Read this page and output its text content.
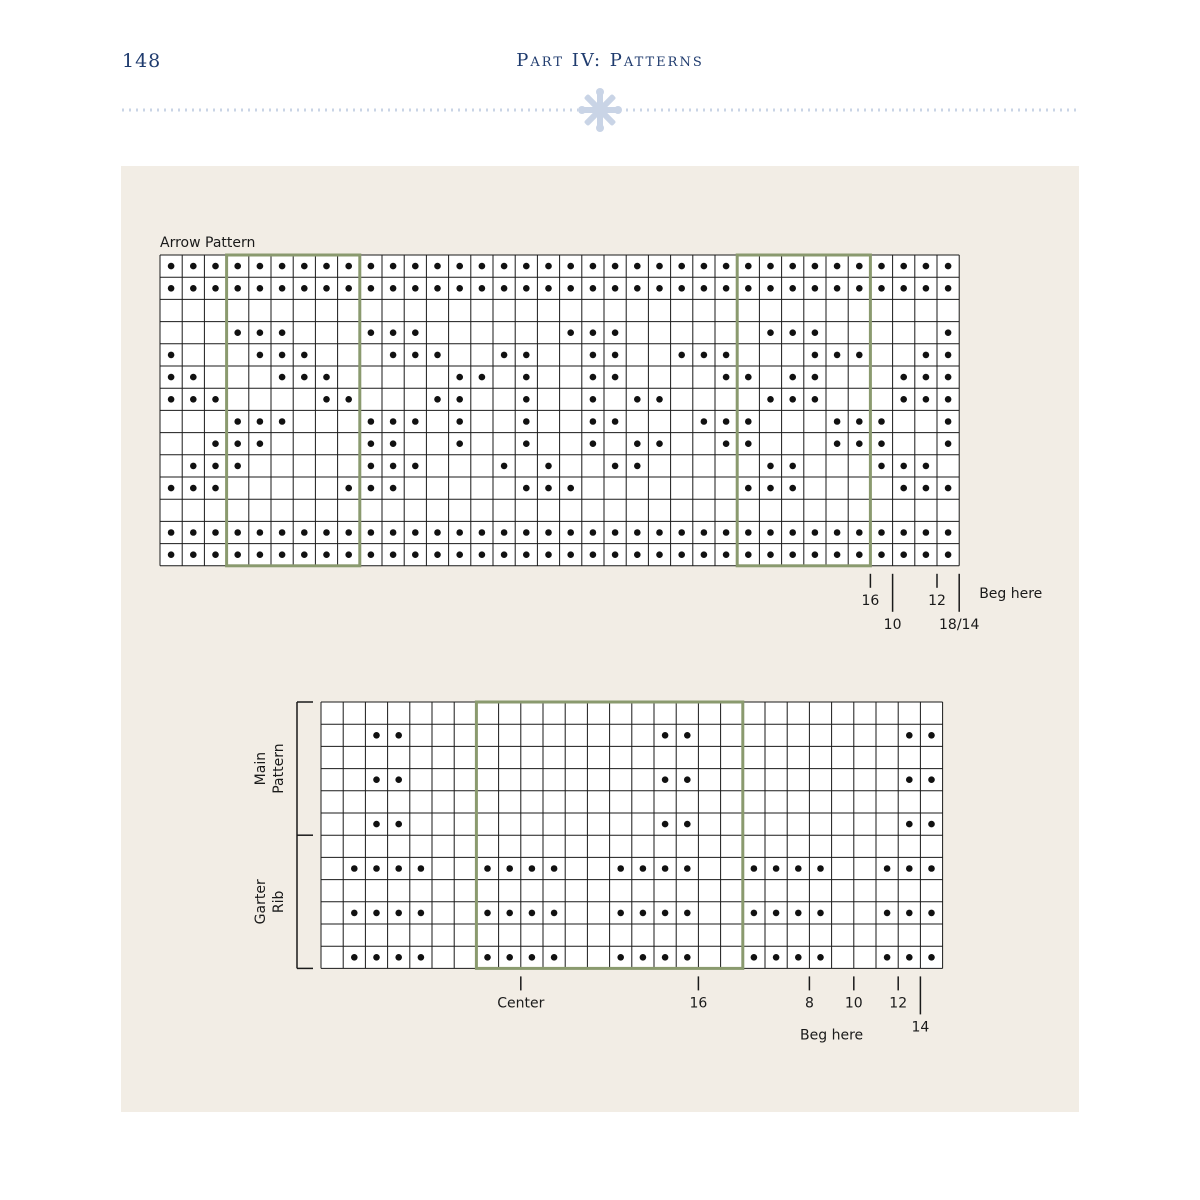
148	Part IV: Patterns
Arrow Pattern
16
10
12
18/14
Beg here
Main Pattern
Garter Rib
Center	16	8 10 12
14
Beg here
